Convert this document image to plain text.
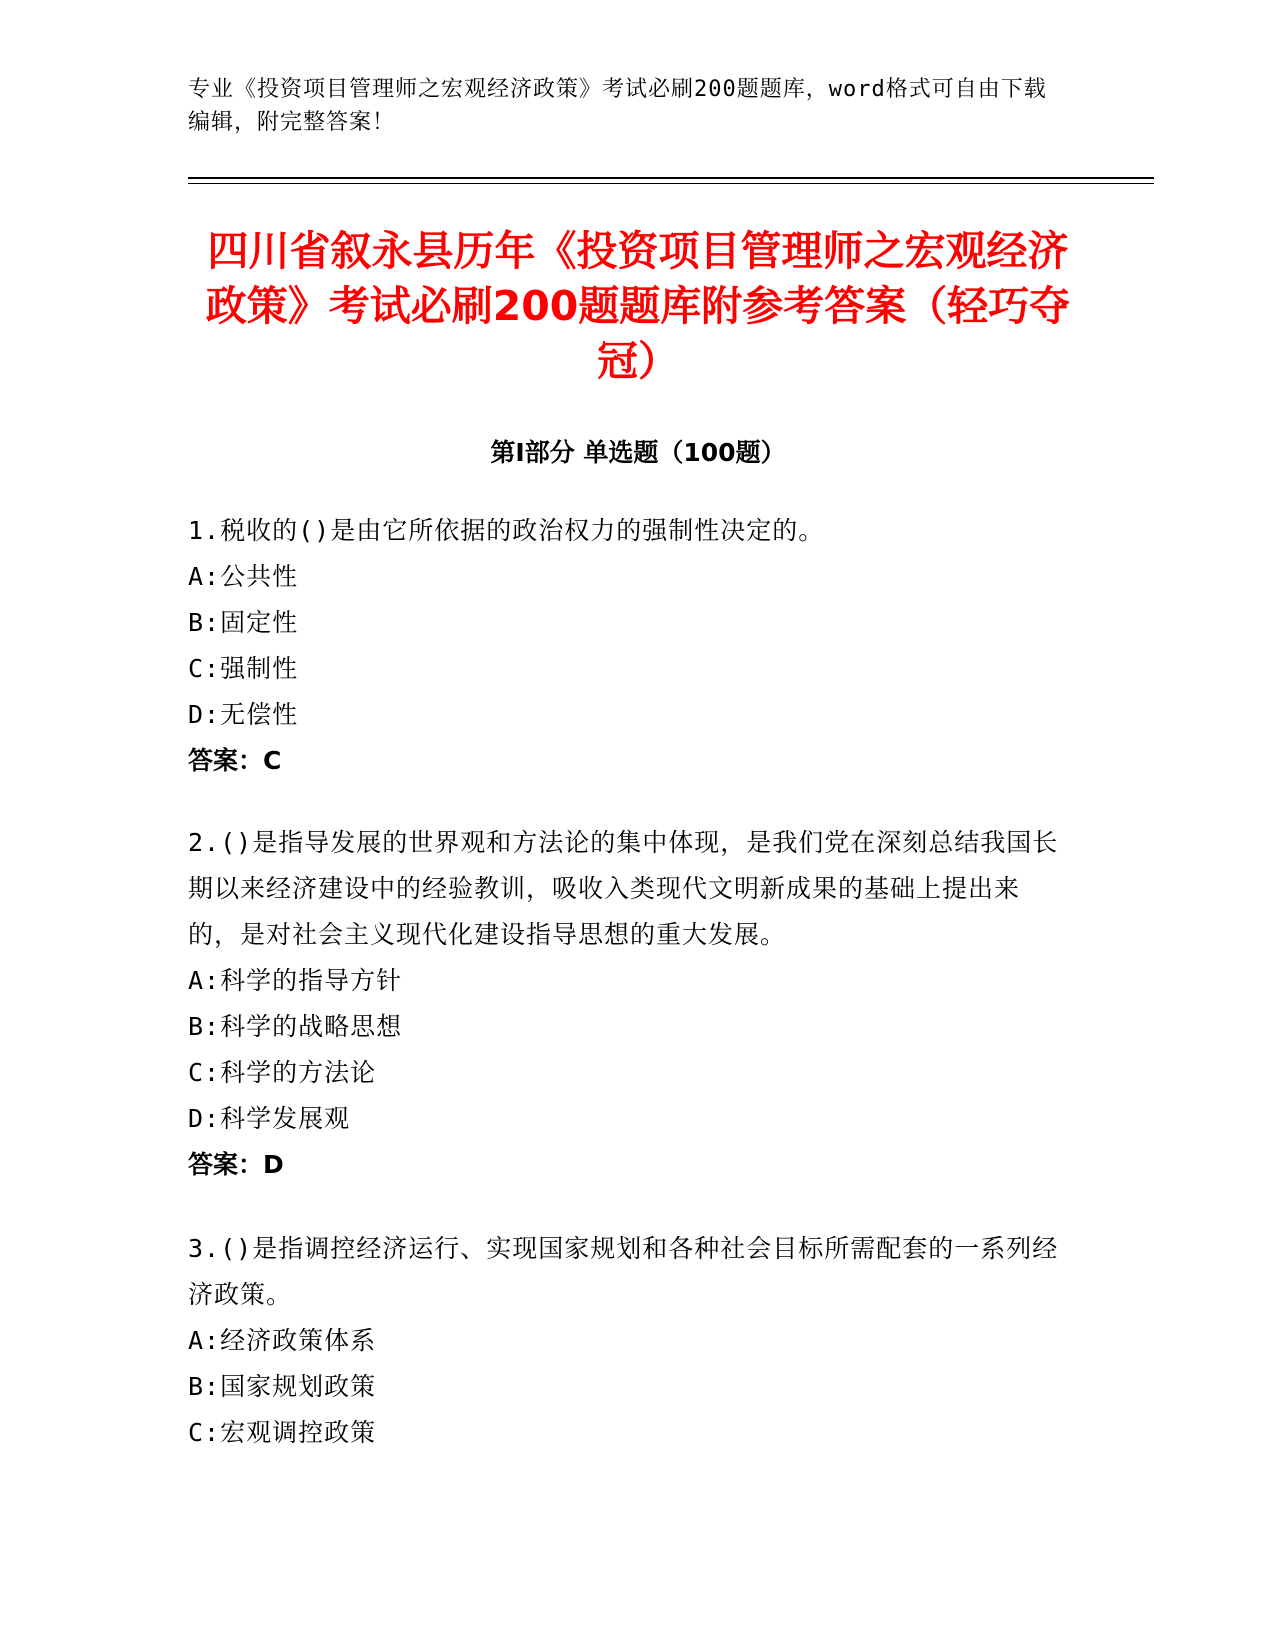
专业《投资项目管理师之宏观经济政策》考试必刷200题题库，word格式可自由下载编辑，附完整答案！
四川省叙永县历年《投资项目管理师之宏观经济政策》考试必刷200题题库附参考答案（轻巧夺冠）
第Ⅰ部分 单选题（100题）
1.税收的()是由它所依据的政治权力的强制性决定的。
A:公共性
B:固定性
C:强制性
D:无偿性
答案：C
2.()是指导发展的世界观和方法论的集中体现，是我们党在深刻总结我国长期以来经济建设中的经验教训，吸收入类现代文明新成果的基础上提出来的，是对社会主义现代化建设指导思想的重大发展。
A:科学的指导方针
B:科学的战略思想
C:科学的方法论
D:科学发展观
答案：D
3.()是指调控经济运行、实现国家规划和各种社会目标所需配套的一系列经济政策。
A:经济政策体系
B:国家规划政策
C:宏观调控政策
